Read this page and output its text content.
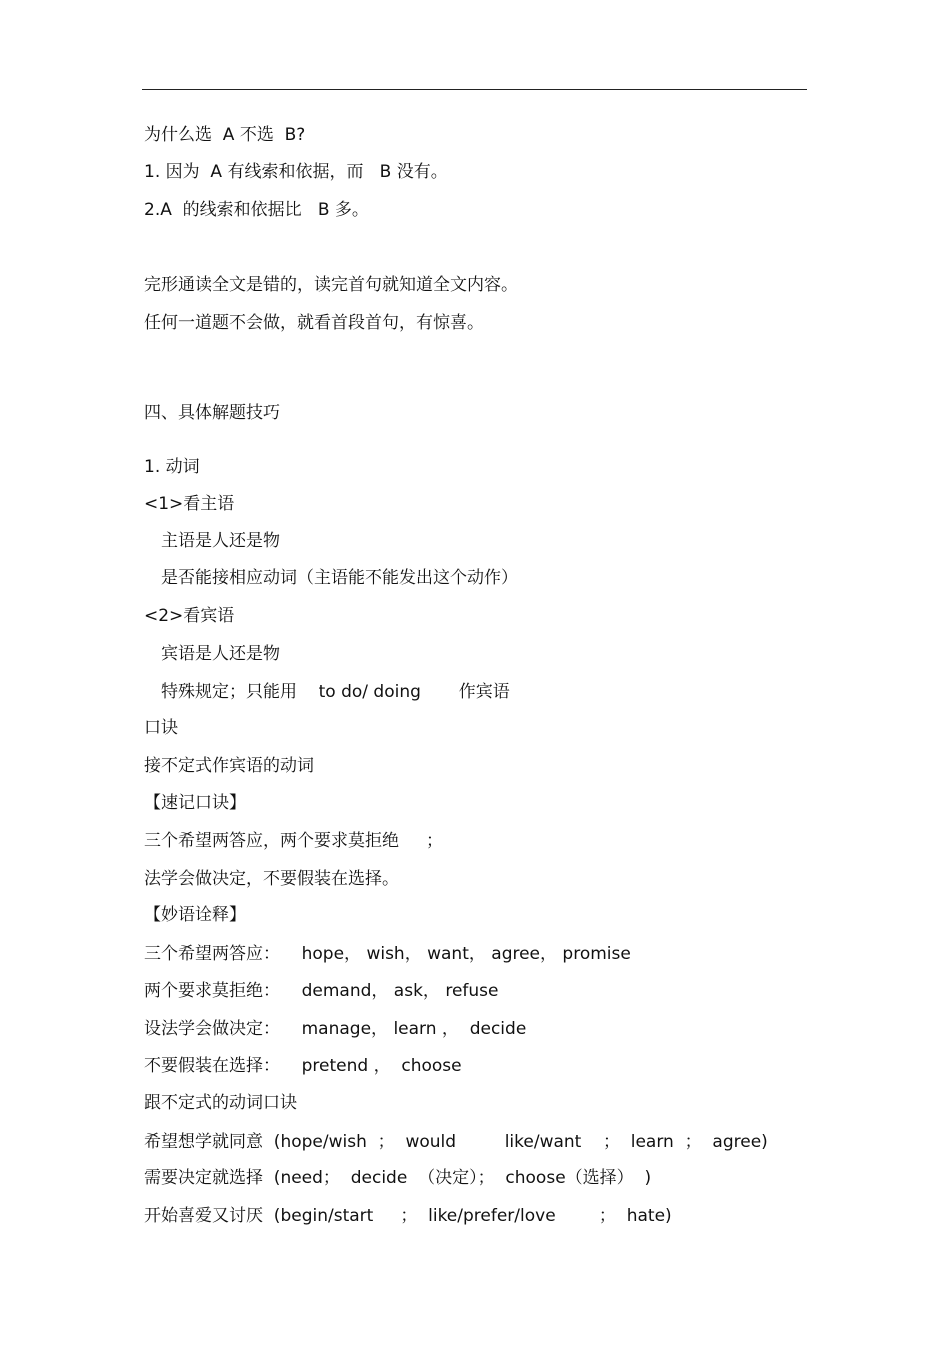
为什么选  A 不选  B?
1. 因为  A 有线索和依据，而   B 没有。
2.A  的线索和依据比   B 多。
完形通读全文是错的，读完首句就知道全文内容。
任何一道题不会做，就看首段首句，有惊喜。
四、具体解题技巧
1. 动词
<1>看主语
主语是人还是物
是否能接相应动词（主语能不能发出这个动作）
<2>看宾语
宾语是人还是物
特殊规定；只能用    to do/ doing       作宾语
口诀
接不定式作宾语的动词
【速记口诀】
三个希望两答应，两个要求莫拒绝     ；
法学会做决定，不要假装在选择。
【妙语诠释】
三个希望两答应：    hope， wish， want， agree， promise
两个要求莫拒绝：    demand， ask， refuse
设法学会做决定：    manage， learn ，  decide
不要假装在选择：    pretend ，  choose
跟不定式的动词口诀
希望想学就同意  (hope/wish  ；  would         like/want    ；  learn  ；  agree)
需要决定就选择  (need；  decide  （决定）；  choose（选择）  )
开始喜爱又讨厌  (begin/start     ；  like/prefer/love        ；  hate)
